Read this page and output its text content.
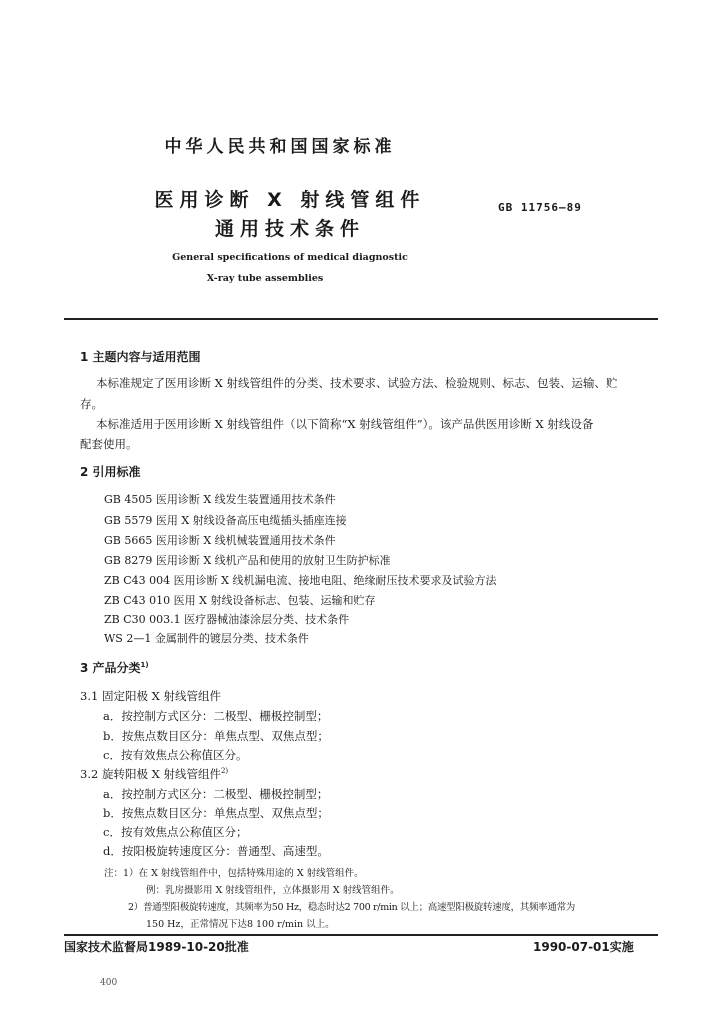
中华人民共和国国家标准
医用诊断 X 射线管组件
通用技术条件
GB 11756—89
General specifications of medical diagnostic
X-ray tube assemblies
1 主题内容与适用范围
本标准规定了医用诊断 X 射线管组件的分类、技术要求、试验方法、检验规则、标志、包装、运输、贮
存。
本标准适用于医用诊断 X 射线管组件（以下简称“X 射线管组件”）。该产品供医用诊断 X 射线设备
配套使用。
2 引用标准
GB 4505 医用诊断 X 线发生装置通用技术条件
GB 5579 医用 X 射线设备高压电缆插头插座连接
GB 5665 医用诊断 X 线机械装置通用技术条件
GB 8279 医用诊断 X 线机产品和使用的放射卫生防护标准
ZB C43 004 医用诊断 X 线机漏电流、接地电阻、绝缘耐压技术要求及试验方法
ZB C43 010 医用 X 射线设备标志、包装、运输和贮存
ZB C30 003.1 医疗器械油漆涂层分类、技术条件
WS 2—1 金属制件的镀层分类、技术条件
3 产品分类$^{1)}$
3.1 固定阳极 X 射线管组件
a．按控制方式区分：二极型、栅极控制型；
b．按焦点数目区分：单焦点型、双焦点型；
c．按有效焦点公称值区分。
3.2 旋转阳极 X 射线管组件$^{2)}$
a．按控制方式区分：二极型、栅极控制型；
b．按焦点数目区分：单焦点型、双焦点型；
c．按有效焦点公称值区分；
d．按阳极旋转速度区分：普通型、高速型。
注：1）在 X 射线管组件中，包括特殊用途的 X 射线管组件。
例：乳房摄影用 X 射线管组件，立体摄影用 X 射线管组件。
2）普通型阳极旋转速度，其频率为50 Hz，稳态时达2 700 r/min 以上；高速型阳极旋转速度，其频率通常为
150 Hz，正常情况下达8 100 r/min 以上。
国家技术监督局1989-10-20批准	1990-07-01实施
400
